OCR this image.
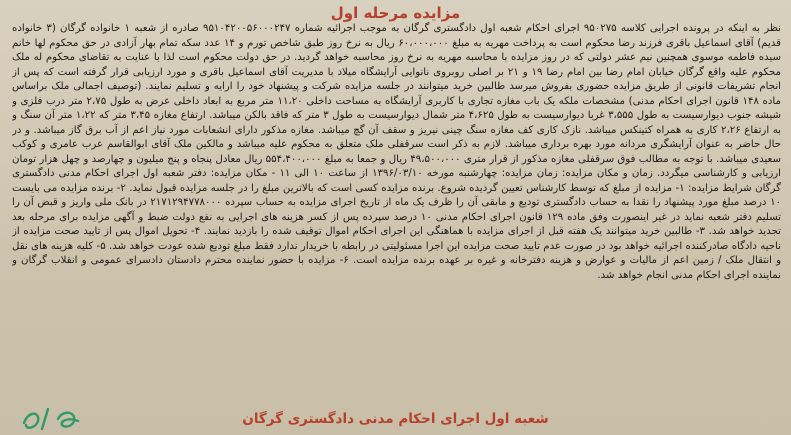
مزایده مرحله اول

نظر به اینکه در پرونده اجرایی کلاسه ۹۵۰۲۷۵ اجرای احکام شعبه اول دادگستری گرگان به موجب اجرائیه شماره ۹۵۱۰۴۲۰۰۵۶۰۰۰۲۴۷ صادره از شعبه ۱ خانواده گرگان (۳ خانواده قدیم) آقای اسماعیل باقری فرزند رضا محکوم است به پرداخت مهریه به مبلغ ۶۰،۰۰۰،۰۰۰ ریال به نرخ روز طبق شاخص تورم و ۱۴ عدد سکه تمام بهار آزادی در حق محکوم لها خانم سیده فاطمه موسوی همچنین نیم عشر دولتی که در روز مزایده با محاسبه مهریه به نرخ روز محاسبه خواهد گردید. در حق دولت محکوم است لذا با عنایت به تقاضای محکوم له ملک محکوم علیه واقع گرگان خیابان امام رضا بین امام رضا ۱۹ و ۲۱ بر اصلی روبروی نانوایی آرایشگاه میلاد با مدیریت آقای اسماعیل باقری و مورد ارزیابی قرار گرفته است که پس از انجام تشریفات قانونی از طریق مزایده حضوری بفروش میرسد طالبین خرید میتوانند در جلسه مزایده شرکت و پیشنهاد خود را ارایه و تسلیم نمایند. (توصیف اجمالی ملک براساس ماده ۱۴۸ قانون اجرای احکام مدنی) مشخصات ملکه یک باب مغازه تجاری با کاربری آرایشگاه به مساحت داخلی ۱۱،۲۰ متر مربع به ابعاد داخلی عرض به طول ۲،۷۵ متر درب فلزی و شیشه جنوب دیوارسیست به طول ۳،۵۵۵ غربا دیوارسیست به طول ۴،۶۲۵ متر شمال دیوارسیست به طول ۳ متر که فاقد بالکن میباشد. ارتفاع مغازه ۳،۴۵ متر که ۱،۲۲ متر آن سنگ و به ارتفاع ۲،۲۶ کاری به همراه کتینکس میباشد. نازک کاری کف مغازه سنگ چینی نیریز و سقف آن گچ میباشد. مغازه مذکور دارای انشعابات مورد نیاز اعم از آب برق گاز میباشد. و در حال حاضر به عنوان آرایشگری مردانه مورد بهره برداری میباشد. لازم به ذکر است سرقفلی ملک متعلق به محکوم علیه میباشد و مالکین ملک آقای ابوالقاسم عرب عامری و کوکب سعیدی میباشد. با توجه به مطالب فوق سرقفلی مغازه مذکور از قرار متری ۴۹،۵۰۰،۰۰۰ ریال و جمعا به مبلغ ۵۵۴،۴۰۰،۰۰۰ ریال معادل پنجاه و پنج میلیون و چهارصد و چهل هزار تومان ارزیابی و کارشناسی میگردد. زمان و مکان مزایده: زمان مزایده: چهارشنبه مورخه ۱۳۹۶/۰۳/۱۰ از ساعت ۱۰ الی ۱۱ - مکان مزایده: دفتر شعبه اول اجرای احکام مدنی دادگستری گرگان شرایط مزایده: ۱- مزایده از مبلغ که توسط کارشناس تعیین گردیده شروع. برنده مزایده کسی است که بالاترین مبلغ را در جلسه مزایده قبول نماید. ۲- برنده مزایده می بایست ۱۰ درصد مبلغ مورد پیشنهاد را نقدا به حساب دادگستری تودیع و مابقی آن را ظرف یک ماه از تاریخ اجرای مزایده به حساب سپرده ۲۱۷۱۲۹۴۷۷۸۰۰۰ در بانک ملی واریز و قبض آن را تسلیم دفتر شعبه نماید در غیر اینصورت وفق ماده ۱۲۹ قانون اجرای احکام مدنی ۱۰ درصد سپرده پس از کسر هزینه های اجرایی به نفع دولت ضبط و آگهی مزایده برای مرحله بعد تجدید خواهد شد. ۳- طالبین خرید میتوانند یک هفته قبل از اجرای مزایده با هماهنگی این اجرای احکام اموال توقیف شده را بازدید نمایند. ۴- تحویل اموال پس از تایید صحت مزایده از ناحیه دادگاه صادرکننده اجرائیه خواهد بود در صورت عدم تایید صحت مزایده این اجرا مسئولیتی در رابطه با خریدار ندارد فقط مبلغ تودیع شده عودت خواهد شد. ۵- کلیه هزینه های نقل و انتقال ملک / زمین اعم از مالیات و عوارض و هزینه دفترخانه و غیره بر عهده برنده مزایده است. ۶- مزایده با حضور نماینده محترم دادستان دادسرای عمومی و انقلاب گرگان و نماینده اجرای احکام مدنی انجام خواهد شد.

شعبه اول اجرای احکام مدنی دادگستری گرگان
